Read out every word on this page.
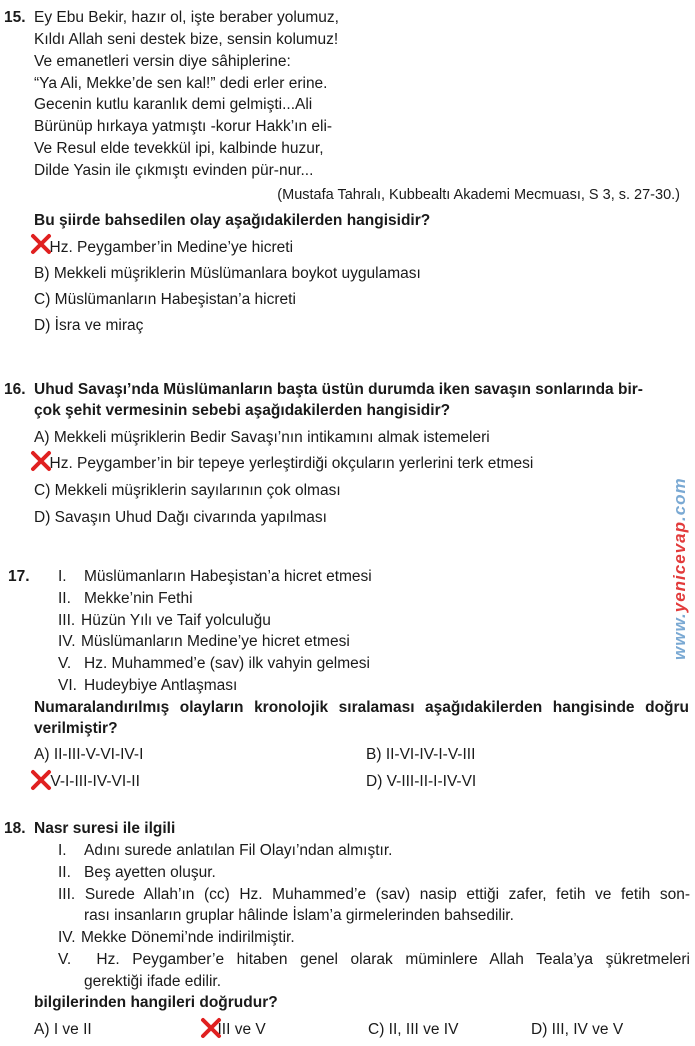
15. Ey Ebu Bekir, hazır ol, işte beraber yolumuz,
Kıldı Allah seni destek bize, sensin kolumuz!
Ve emanetleri versin diye sâhiplerine:
“Ya Ali, Mekke’de sen kal!” dedi erler erine.
Gecenin kutlu karanlık demi gelmişti...Ali
Bürünüp hırkaya yatmıştı -korur Hakk’ın eli-
Ve Resul elde tevekkül ipi, kalbinde huzur,
Dilde Yasin ile çıkmıştı evinden pür-nur...
(Mustafa Tahralı, Kubbealtı Akademi Mecmuası, S 3, s. 27-30.)
Bu şiirde bahsedilen olay aşağıdakilerden hangisidir?
Hz. Peygamber’in Medine’ye hicreti
B) Mekkeli müşriklerin Müslümanlara boykot uygulaması
C) Müslümanların Habeşistan’a hicreti
D) İsra ve miraç
16. Uhud Savaşı’nda Müslümanların başta üstün durumda iken savaşın sonlarında bir-
çok şehit vermesinin sebebi aşağıdakilerden hangisidir?
A) Mekkeli müşriklerin Bedir Savaşı’nın intikamını almak istemeleri
Hz. Peygamber’in bir tepeye yerleştirdiği okçuların yerlerini terk etmesi
C) Mekkeli müşriklerin sayılarının çok olması
D) Savaşın Uhud Dağı civarında yapılması
17. I. Müslümanların Habeşistan’a hicret etmesi
II. Mekke’nin Fethi
III. Hüzün Yılı ve Taif yolculuğu
IV. Müslümanların Medine’ye hicret etmesi
V. Hz. Muhammed’e (sav) ilk vahyin gelmesi
VI. Hudeybiye Antlaşması
Numaralandırılmış olayların kronolojik sıralaması aşağıdakilerden hangisinde doğru
verilmiştir?
A) II-III-V-VI-IV-I	B) II-VI-IV-I-V-III
V-I-III-IV-VI-II	D) V-III-II-I-IV-VI
18. Nasr suresi ile ilgili
I. Adını surede anlatılan Fil Olayı’ndan almıştır.
II. Beş ayetten oluşur.
III. Surede Allah’ın (cc) Hz. Muhammed’e (sav) nasip ettiği zafer, fetih ve fetih son-
rası insanların gruplar hâlinde İslam’a girmelerinden bahsedilir.
IV. Mekke Dönemi’nde indirilmiştir.
V. Hz. Peygamber’e hitaben genel olarak müminlere Allah Teala’ya şükretmeleri
gerektiği ifade edilir.
bilgilerinden hangileri doğrudur?
A) I ve II	III ve V	C) II, III ve IV	D) III, IV ve V
www.yenicevap.com
